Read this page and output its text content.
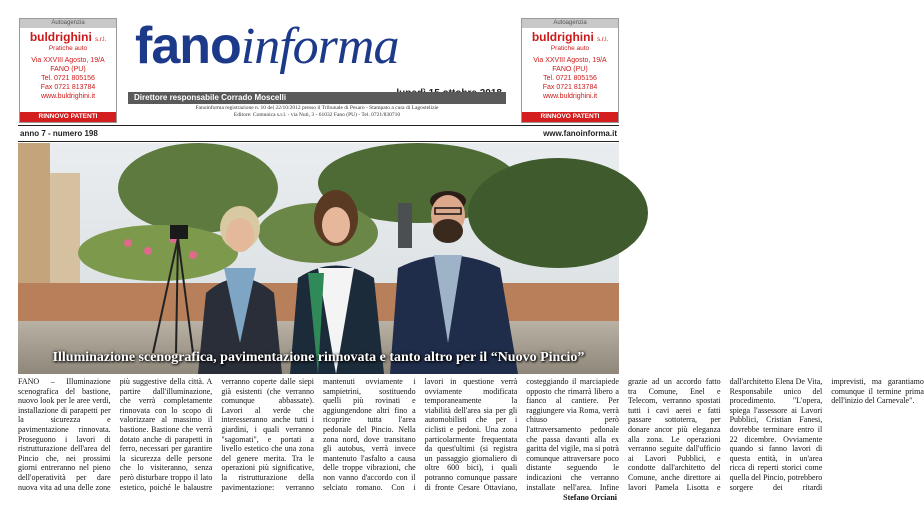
Autoagenzia
buldrighini s.r.l.
Pratiche auto
Via XXVIII Agosto, 19/A
FANO (PU)
Tel. 0721 805156
Fax 0721 813784
www.buldrighini.it
RINNOVO PATENTI
Autoagenzia
buldrighini s.r.l.
Pratiche auto
Via XXVIII Agosto, 19/A
FANO (PU)
Tel. 0721 805156
Fax 0721 813784
www.buldrighini.it
RINNOVO PATENTI
fanoinforma
Direttore responsabile Corrado Moscelli
Fanoinforma registrazione n. 10 del 22/10/2012 presso il Tribunale di Pesaro - Stampato a cura di Lagostelizie
Editore: Comunica s.r.l. - via Nuti, 3 - 61032 Fano (PU) - Tel. 0721/830710
anno 7 - numero 198	www.fanoinforma.it
Illuminazione scenografica, pavimentazione rinnovata e tanto altro per il “Nuovo Pincio”

FANO – Illuminazione scenografica del bastione, nuovo look per le aree verdi, installazione di parapetti per la sicurezza e pavimentazione rinnovata. Proseguono i lavori di ristrutturazione dell'area del Pincio che, nei prossimi giorni entreranno nel pieno dell'operatività per dare nuova vita ad una delle zone più suggestive della città. A partire dall'illuminazione, che verrà completamente rinnovata con lo scopo di valorizzare al massimo il bastione. Bastione che verrà dotato anche di parapetti in ferro, necessari per garantire la sicurezza delle persone che lo visiteranno, senza però disturbare troppo il lato estetico, poiché le balaustre verranno coperte dalle siepi già esistenti (che verranno comunque abbassate). Lavori al verde che interesseranno anche tutti i giardini, i quali verranno "sagomati", e portati a livello estetico che una zona del genere merita. Tra le operazioni più significative, la ristrutturazione della pavimentazione: verranno mantenuti ovviamente i sampietrini, sostituendo quelli più rovinati e aggiungendone altri fino a ricoprire tutta l'area pedonale del Pincio. Nella zona nord, dove transitano gli autobus, verrà invece mantenuto l'asfalto a causa delle troppe vibrazioni, che non vanno d'accordo con il selciato romano. Con i lavori in questione verrà ovviamente modificata temporaneamente la viabilità dell'area sia per gli automobilisti che per i ciclisti e pedoni. Una zona particolarmente frequentata da quest'ultimi (si registra un passaggio giornaliero di oltre 600 bici), i quali potranno comunque passare di fronte Cesare Ottaviano, costeggiando il marciapiede opposto che rimarrà libero a fianco al cantiere. Per raggiungere via Roma, verrà chiuso però l'attraversamento pedonale che passa davanti alla ex garitta del vigile, ma si potrà comunque attraversare poco distante seguendo le indicazioni che verranno installate nell'area. Infine grazie ad un accordo fatto tra Comune, Enel e Telecom, verranno spostati tutti i cavi aerei e fatti passare sottoterra, per donare ancor più eleganza alla zona. Le operazioni verranno seguite dall'ufficio ai Lavori Pubblici, e condotte dall'architetto del Comune, anche direttore ai lavori Pamela Lisotta e dall'architetto Elena De Vita, Responsabile unico del procedimento. "L'opera, spiega l'assessore ai Lavori Pubblici, Cristian Fanesi, dovrebbe terminare entro il 22 dicembre. Ovviamente quando si fanno lavori di questa entità, in un'area ricca di reperti storici come quella del Pincio, potrebbero sorgere dei ritardi imprevisti, ma garantiamo comunque il termine prima dell'inizio del Carnevale".

Stefano Orciani
